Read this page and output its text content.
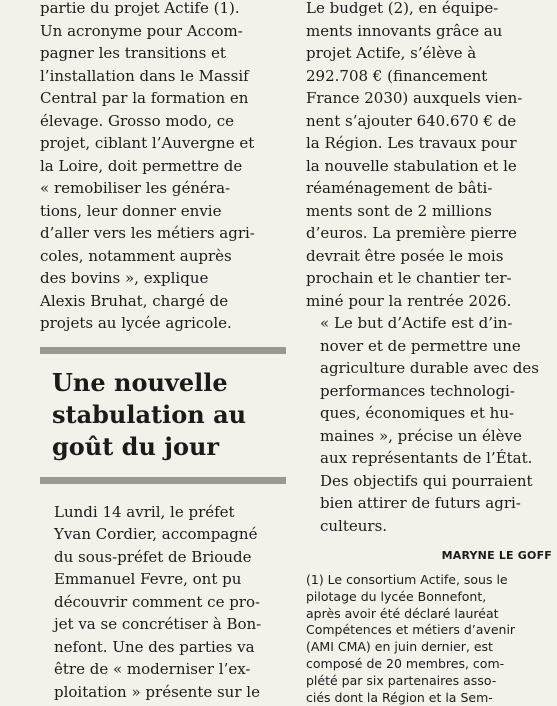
partie du projet Actife (1).
Un acronyme pour Accom-
pagner les transitions et
l’installation dans le Massif
Central par la formation en
élevage. Grosso modo, ce
projet, ciblant l’Auvergne et
la Loire, doit permettre de
« remobiliser les généra-
tions, leur donner envie
d’aller vers les métiers agri-
coles, notamment auprès
des bovins », explique
Alexis Bruhat, chargé de
projets au lycée agricole.

Une nouvelle
stabulation au
goût du jour

Lundi 14 avril, le préfet
Yvan Cordier, accompagné
du sous-préfet de Brioude
Emmanuel Fevre, ont pu
découvrir comment ce pro-
jet va se concrétiser à Bon-
nefont. Une des parties va
être de « moderniser l’ex-
ploitation » présente sur le

Le budget (2), en équipe-
ments innovants grâce au
projet Actife, s’élève à
292.708 € (financement
France 2030) auxquels vien-
nent s’ajouter 640.670 € de
la Région. Les travaux pour
la nouvelle stabulation et le
réaménagement de bâti-
ments sont de 2 millions
d’euros. La première pierre
devrait être posée le mois
prochain et le chantier ter-
miné pour la rentrée 2026.

« Le but d’Actife est d’in-
nover et de permettre une
agriculture durable avec des
performances technologi-
ques, économiques et hu-
maines », précise un élève
aux représentants de l’État.
Des objectifs qui pourraient
bien attirer de futurs agri-
culteurs.

MARYNE LE GOFF

(1) Le consortium Actife, sous le
pilotage du lycée Bonnefont,
après avoir été déclaré lauréat
Compétences et métiers d’avenir
(AMI CMA) en juin dernier, est
composé de 20 membres, com-
plété par six partenaires asso-
ciés dont la Région et la Sem-
